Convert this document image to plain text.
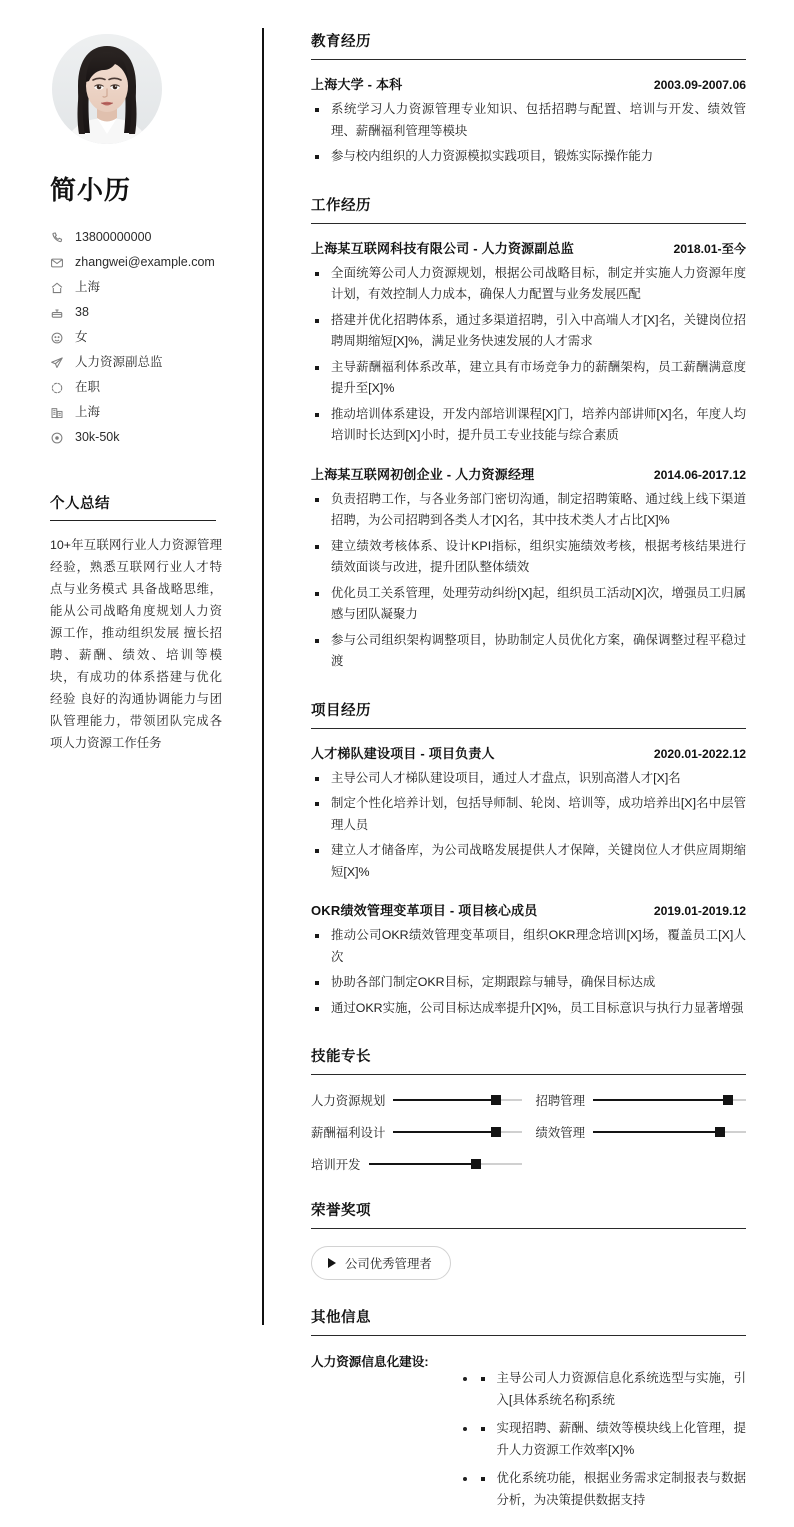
简小历
13800000000
zhangwei@example.com
上海
38
女
人力资源副总监
在职
上海
30k-50k
个人总结

10+年互联网行业人力资源管理经验，熟悉互联网行业人才特点与业务模式 具备战略思维，能从公司战略角度规划人力资源工作，推动组织发展 擅长招聘、薪酬、绩效、培训等模块，有成功的体系搭建与优化经验 良好的沟通协调能力与团队管理能力，带领团队完成各项人力资源工作任务

教育经历
上海大学 - 本科	2003.09-2007.06
系统学习人力资源管理专业知识、包括招聘与配置、培训与开发、绩效管理、薪酬福利管理等模块
参与校内组织的人力资源模拟实践项目，锻炼实际操作能力
工作经历
上海某互联网科技有限公司 - 人力资源副总监	2018.01-至今
全面统筹公司人力资源规划，根据公司战略目标，制定并实施人力资源年度计划，有效控制人力成本，确保人力配置与业务发展匹配
搭建并优化招聘体系，通过多渠道招聘，引入中高端人才[X]名，关键岗位招聘周期缩短[X]%，满足业务快速发展的人才需求
主导薪酬福利体系改革，建立具有市场竞争力的薪酬架构，员工薪酬满意度提升至[X]%
推动培训体系建设，开发内部培训课程[X]门，培养内部讲师[X]名，年度人均培训时长达到[X]小时，提升员工专业技能与综合素质
上海某互联网初创企业 - 人力资源经理	2014.06-2017.12
负责招聘工作，与各业务部门密切沟通，制定招聘策略、通过线上线下渠道招聘，为公司招聘到各类人才[X]名，其中技术类人才占比[X]%
建立绩效考核体系、设计KPI指标，组织实施绩效考核，根据考核结果进行绩效面谈与改进，提升团队整体绩效
优化员工关系管理，处理劳动纠纷[X]起，组织员工活动[X]次，增强员工归属感与团队凝聚力
参与公司组织架构调整项目，协助制定人员优化方案，确保调整过程平稳过渡
项目经历
人才梯队建设项目 - 项目负责人	2020.01-2022.12
主导公司人才梯队建设项目，通过人才盘点，识别高潜人才[X]名
制定个性化培养计划，包括导师制、轮岗、培训等，成功培养出[X]名中层管理人员
建立人才储备库，为公司战略发展提供人才保障，关键岗位人才供应周期缩短[X]%
OKR绩效管理变革项目 - 项目核心成员	2019.01-2019.12
推动公司OKR绩效管理变革项目，组织OKR理念培训[X]场，覆盖员工[X]人次
协助各部门制定OKR目标，定期跟踪与辅导，确保目标达成
通过OKR实施，公司目标达成率提升[X]%，员工目标意识与执行力显著增强
技能专长
人力资源规划	招聘管理
薪酬福利设计	绩效管理
培训开发
荣誉奖项
公司优秀管理者
其他信息
人力资源信息化建设:
• 主导公司人力资源信息化系统选型与实施，引入[具体系统名称]系统
• 实现招聘、薪酬、绩效等模块线上化管理，提升人力资源工作效率[X]%
• 优化系统功能，根据业务需求定制报表与数据分析，为决策提供数据支持
